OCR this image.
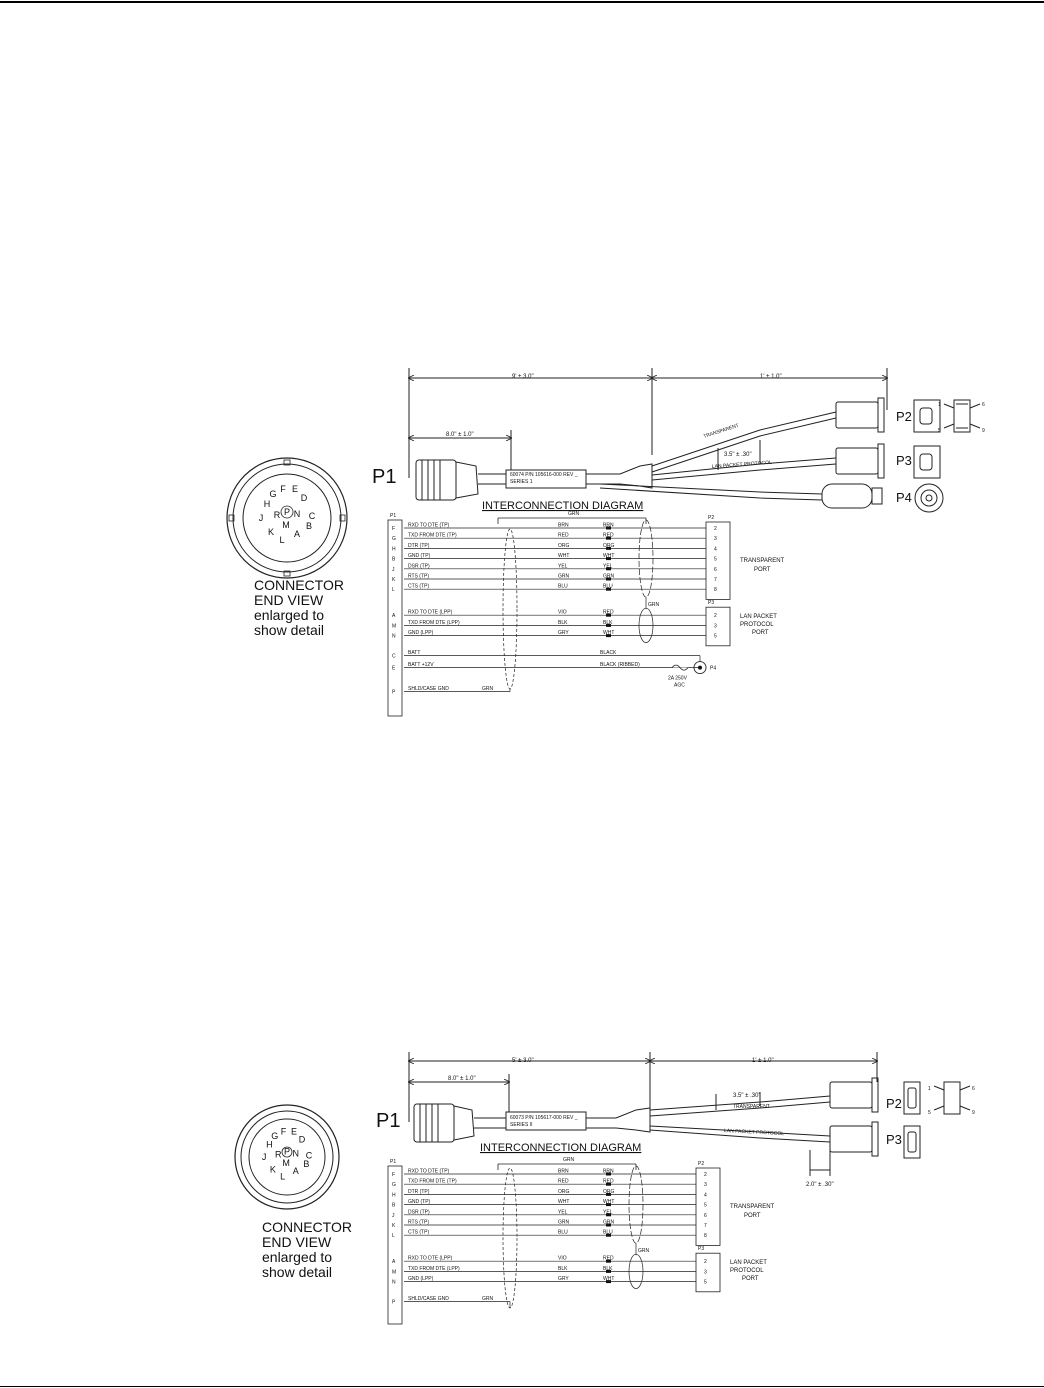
G F E
D
H
P C
J R N
M B
K A
L
CONNECTOR
END VIEW
enlarged to
show detail
9' ± 3.0"	1' ± 1.0"
8.0" ± 1.0"
3.5" ± .30"
60074 P/N 105616-000 REV _
SERIES 1
TRANSPARENT
LAN PACKET PROTOCOL
P1
P2
P3
P4
1
5
6
9
INTERCONNECTION DIAGRAM
P1	P2
TRANSPARENT
PORT
GRN
F
RXD TO DTE (TP)	BRN	BRN
2
G
TXD FROM DTE (TP)	RED	RED
3
H
DTR (TP)	ORG	ORG
4
B
GND (TP)	WHT	WHT
5
J
DSR (TP)	YEL	YEL
6
K
RTS (TP)	GRN	GRN
7
L
CTS (TP)	BLU	BLU
8
P3
LAN PACKET
PROTOCOL
PORT
GRN
A
RXD TO DTE (LPP)	VIO	RED
2
M
TXD FROM DTE (LPP)	BLK	BLK
3
N
GND (LPP)	GRY	WHT
5
C
BATT	BLACK
E
BATT +12V	BLACK (RIBBED)
2A 250V
AGC
P4
P
SHLD/CASE GND	GRN
G F E
D
H
P C
J R N
M B
K A
L
CONNECTOR
END VIEW
enlarged to
show detail
5' ± 3.0"	1' ± 1.0"
8.0" ± 1.0"
3.5" ± .30"
2.0" ± .30"
60073 P/N 105617-000 REV _
SERIES II
TRANSPARENT
LAN PACKET PROTOCOL
P1
P2
P3
1
5
6
9
INTERCONNECTION DIAGRAM
P1	P2
TRANSPARENT
PORT
GRN
F
RXD TO DTE (TP)	BRN	BRN
2
G
TXD FROM DTE (TP)	RED	RED
3
H
DTR (TP)	ORG	ORG
4
B
GND (TP)	WHT	WHT
5
J
DSR (TP)	YEL	YEL
6
K
RTS (TP)	GRN	GRN
7
L
CTS (TP)	BLU	BLU
8
P3
LAN PACKET
PROTOCOL
PORT
GRN
A
RXD TO DTE (LPP)	VIO	RED
2
M
TXD FROM DTE (LPP)	BLK	BLK
3
N
GND (LPP)	GRY	WHT
5
P
SHLD/CASE GND	GRN
